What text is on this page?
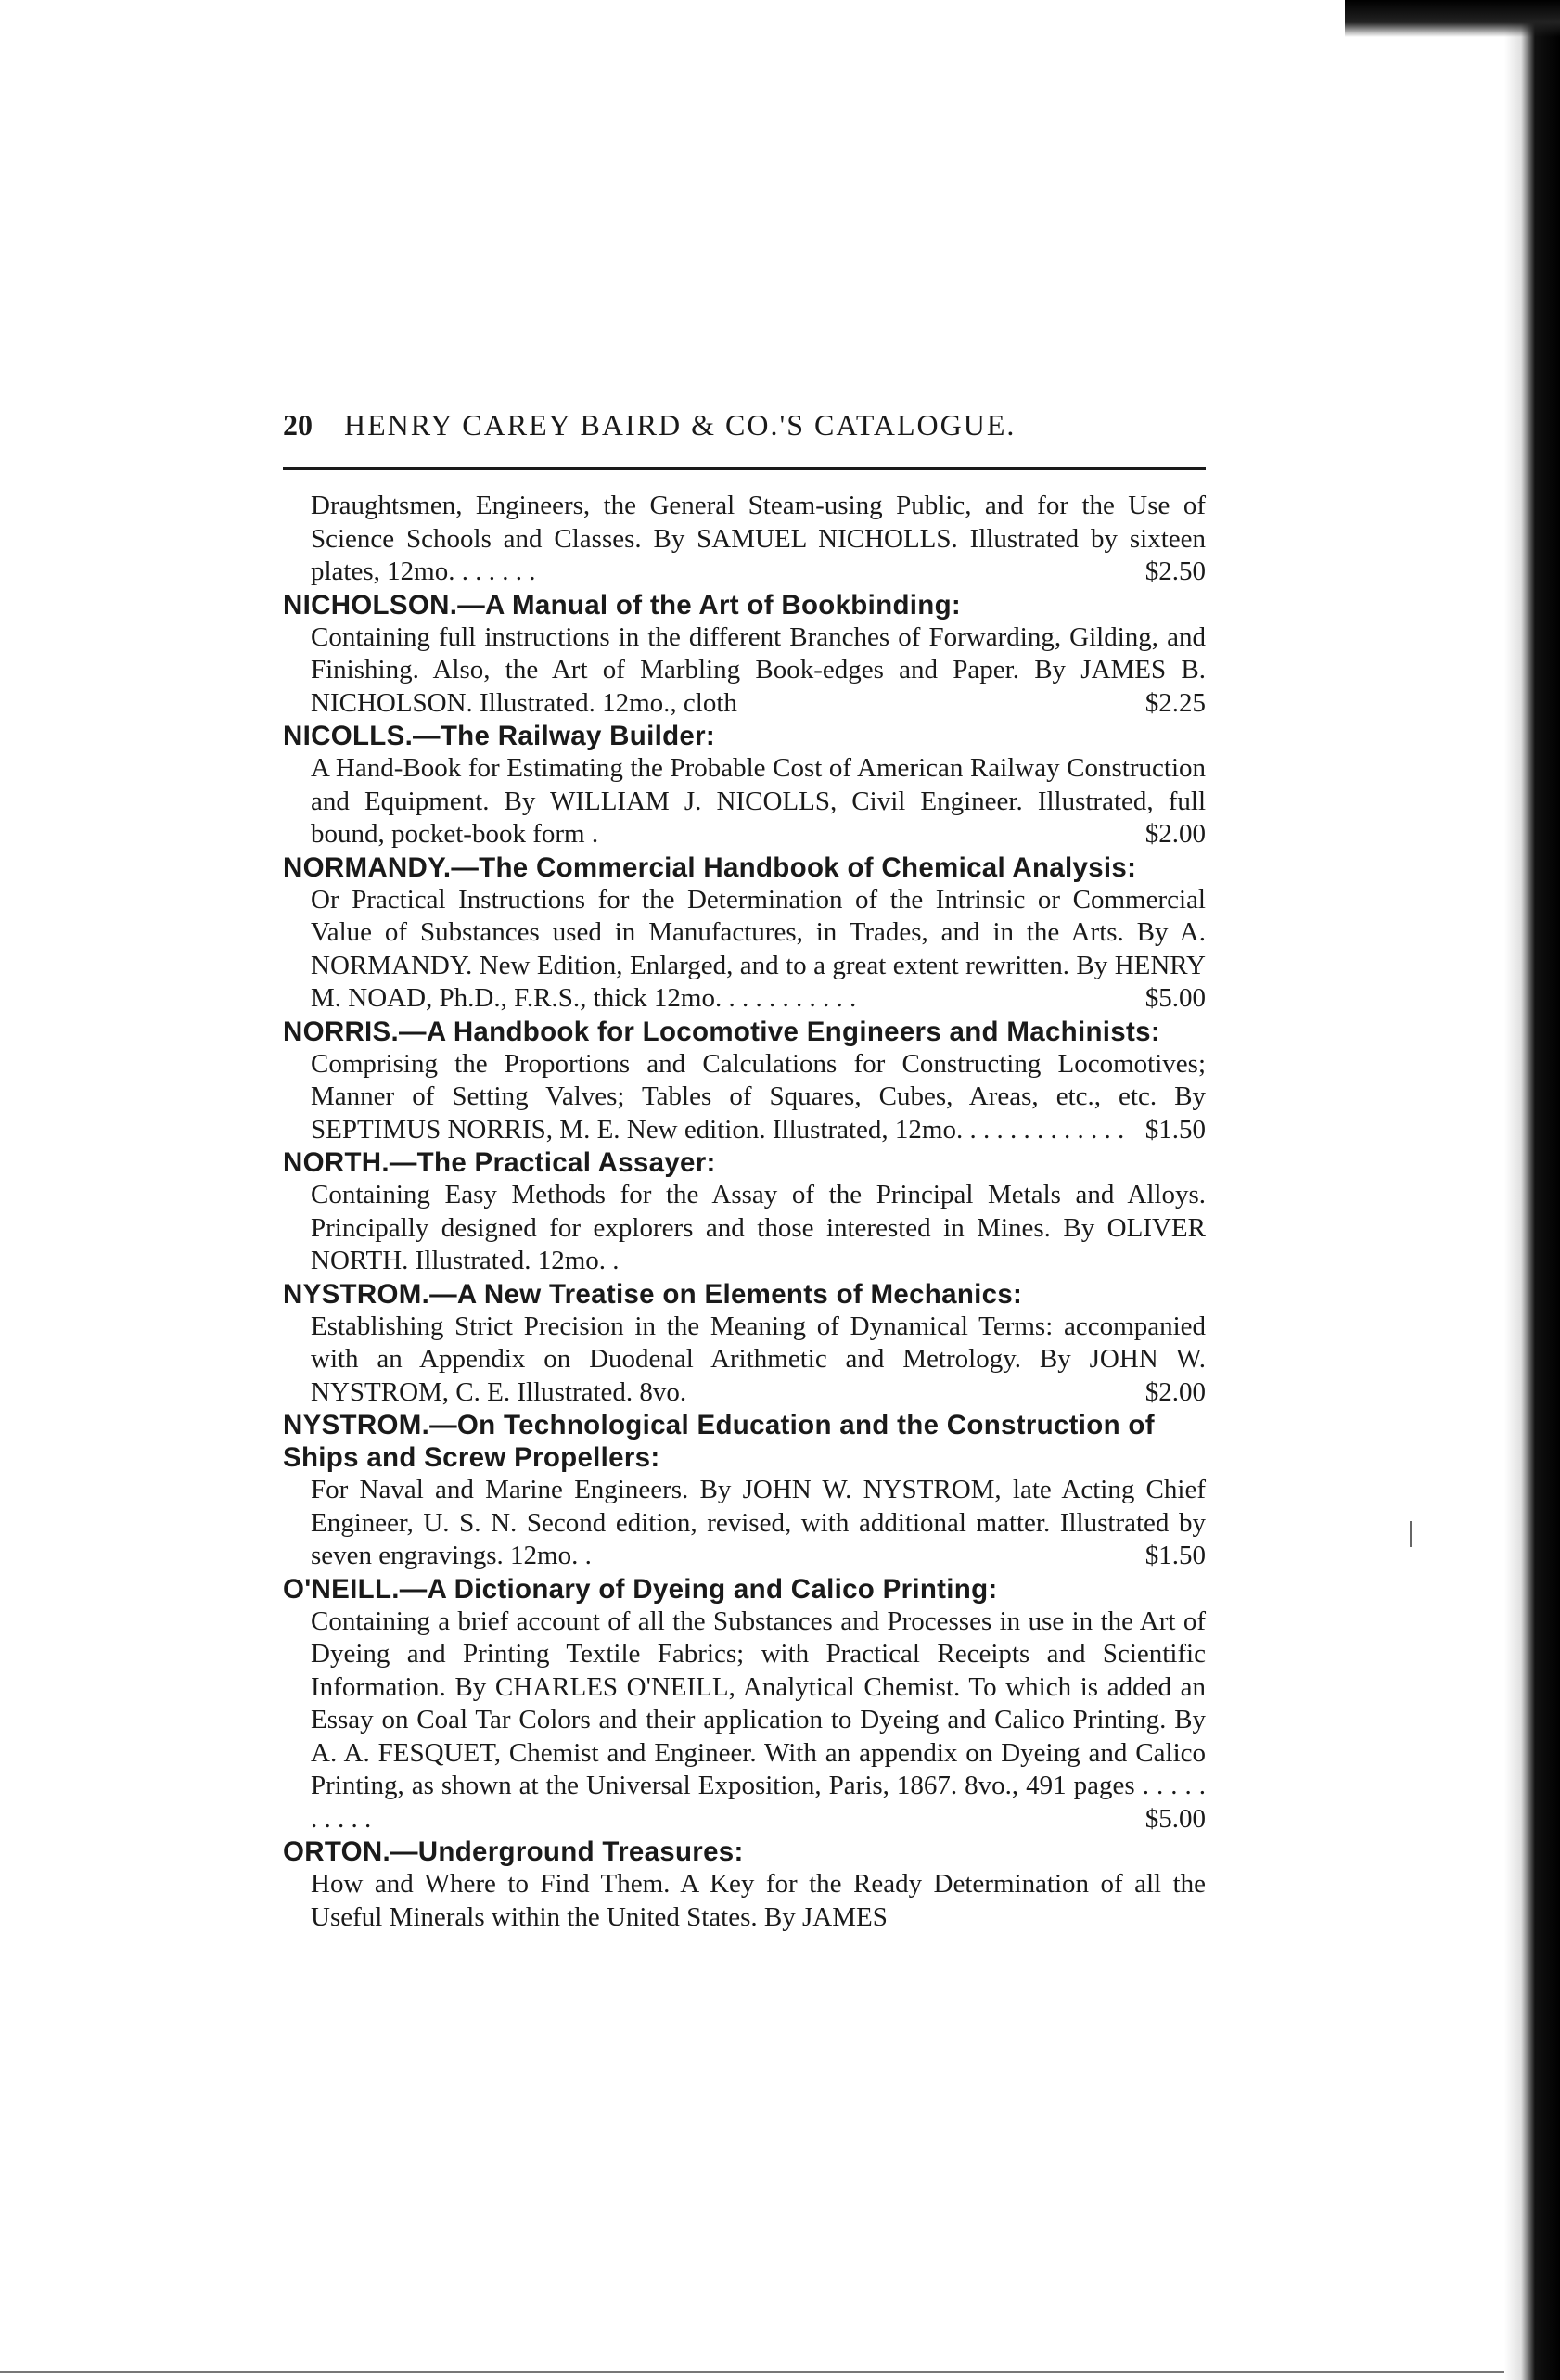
20 HENRY CAREY BAIRD & CO.'S CATALOGUE.

Draughtsmen, Engineers, the General Steam-using Public, and for the Use of Science Schools and Classes. By SAMUEL NICHOLLS. Illustrated by sixteen plates, 12mo. . . . . . .	$2.50

NICHOLSON.—A Manual of the Art of Bookbinding:

Containing full instructions in the different Branches of Forwarding, Gilding, and Finishing. Also, the Art of Marbling Book-edges and Paper. By JAMES B. NICHOLSON. Illustrated. 12mo., cloth	$2.25

NICOLLS.—The Railway Builder:

A Hand-Book for Estimating the Probable Cost of American Railway Construction and Equipment. By WILLIAM J. NICOLLS, Civil Engineer. Illustrated, full bound, pocket-book form .	$2.00

NORMANDY.—The Commercial Handbook of Chemical Analysis:

Or Practical Instructions for the Determination of the Intrinsic or Commercial Value of Substances used in Manufactures, in Trades, and in the Arts. By A. NORMANDY. New Edition, Enlarged, and to a great extent rewritten. By HENRY M. NOAD, Ph.D., F.R.S., thick 12mo. . . . . . . . . . .	$5.00

NORRIS.—A Handbook for Locomotive Engineers and Machinists:

Comprising the Proportions and Calculations for Constructing Locomotives; Manner of Setting Valves; Tables of Squares, Cubes, Areas, etc., etc. By SEPTIMUS NORRIS, M. E. New edition. Illustrated, 12mo. . . . . . . . . . . . . $1.50

NORTH.—The Practical Assayer:

Containing Easy Methods for the Assay of the Principal Metals and Alloys. Principally designed for explorers and those interested in Mines. By OLIVER NORTH. Illustrated. 12mo. .

NYSTROM.—A New Treatise on Elements of Mechanics:

Establishing Strict Precision in the Meaning of Dynamical Terms: accompanied with an Appendix on Duodenal Arithmetic and Metrology. By JOHN W. NYSTROM, C. E. Illustrated. 8vo.	$2.00

NYSTROM.—On Technological Education and the Construction of Ships and Screw Propellers:

For Naval and Marine Engineers. By JOHN W. NYSTROM, late Acting Chief Engineer, U. S. N. Second edition, revised, with additional matter. Illustrated by seven engravings. 12mo. .	$1.50

O'NEILL.—A Dictionary of Dyeing and Calico Printing:

Containing a brief account of all the Substances and Processes in use in the Art of Dyeing and Printing Textile Fabrics; with Practical Receipts and Scientific Information. By CHARLES O'NEILL, Analytical Chemist. To which is added an Essay on Coal Tar Colors and their application to Dyeing and Calico Printing. By A. A. FESQUET, Chemist and Engineer. With an appendix on Dyeing and Calico Printing, as shown at the Universal Exposition, Paris, 1867. 8vo., 491 pages . . . . . . . . . .	$5.00

ORTON.—Underground Treasures:

How and Where to Find Them. A Key for the Ready Determination of all the Useful Minerals within the United States. By JAMES
